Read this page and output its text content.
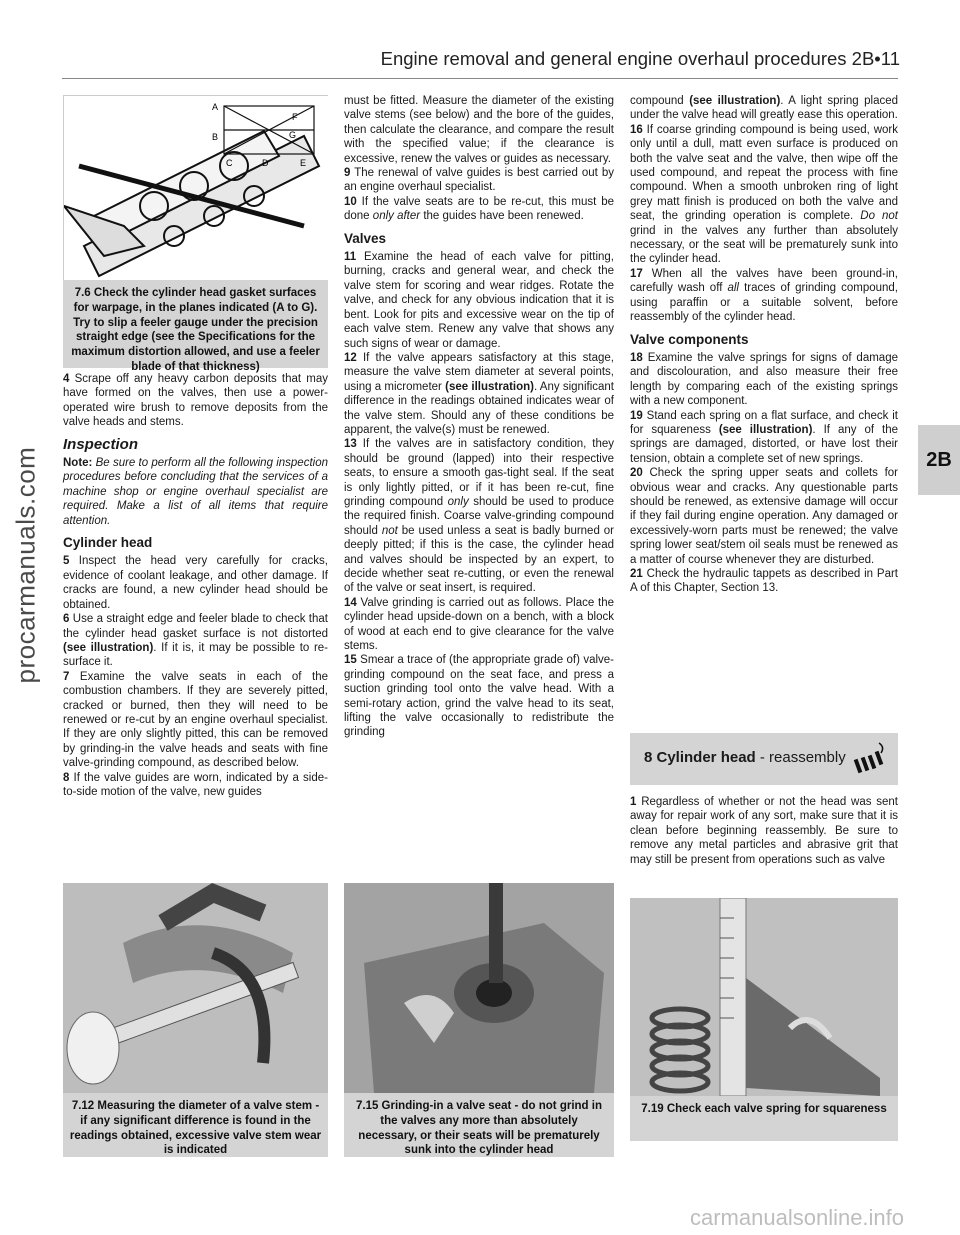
Engine removal and general engine overhaul procedures 2B•11
2B
procarmanuals.com
carmanualsonline.info
A
F
B	G
C	D	E
7.6 Check the cylinder head gasket surfaces for warpage, in the planes indicated (A to G). Try to slip a feeler gauge under the precision straight edge (see the Specifications for the maximum distortion allowed, and use a feeler blade of that thickness)

4 Scrape off any heavy carbon deposits that may have formed on the valves, then use a power-operated wire brush to remove deposits from the valve heads and stems.

Inspection

Note: Be sure to perform all the following inspection procedures before concluding that the services of a machine shop or engine overhaul specialist are required. Make a list of all items that require attention.

Cylinder head

5 Inspect the head very carefully for cracks, evidence of coolant leakage, and other damage. If cracks are found, a new cylinder head should be obtained.

6 Use a straight edge and feeler blade to check that the cylinder head gasket surface is not distorted (see illustration). If it is, it may be possible to re-surface it.

7 Examine the valve seats in each of the combustion chambers. If they are severely pitted, cracked or burned, then they will need to be renewed or re-cut by an engine overhaul specialist. If they are only slightly pitted, this can be removed by grinding-in the valve heads and seats with fine valve-grinding compound, as described below.

8 If the valve guides are worn, indicated by a side-to-side motion of the valve, new guides

must be fitted. Measure the diameter of the existing valve stems (see below) and the bore of the guides, then calculate the clearance, and compare the result with the specified value; if the clearance is excessive, renew the valves or guides as necessary.

9 The renewal of valve guides is best carried out by an engine overhaul specialist.

10 If the valve seats are to be re-cut, this must be done only after the guides have been renewed.

Valves

11 Examine the head of each valve for pitting, burning, cracks and general wear, and check the valve stem for scoring and wear ridges. Rotate the valve, and check for any obvious indication that it is bent. Look for pits and excessive wear on the tip of each valve stem. Renew any valve that shows any such signs of wear or damage.

12 If the valve appears satisfactory at this stage, measure the valve stem diameter at several points, using a micrometer (see illustration). Any significant difference in the readings obtained indicates wear of the valve stem. Should any of these conditions be apparent, the valve(s) must be renewed.

13 If the valves are in satisfactory condition, they should be ground (lapped) into their respective seats, to ensure a smooth gas-tight seal. If the seat is only lightly pitted, or if it has been re-cut, fine grinding compound only should be used to produce the required finish. Coarse valve-grinding compound should not be used unless a seat is badly burned or deeply pitted; if this is the case, the cylinder head and valves should be inspected by an expert, to decide whether seat re-cutting, or even the renewal of the valve or seat insert, is required.

14 Valve grinding is carried out as follows. Place the cylinder head upside-down on a bench, with a block of wood at each end to give clearance for the valve stems.

15 Smear a trace of (the appropriate grade of) valve-grinding compound on the seat face, and press a suction grinding tool onto the valve head. With a semi-rotary action, grind the valve head to its seat, lifting the valve occasionally to redistribute the grinding

compound (see illustration). A light spring placed under the valve head will greatly ease this operation.

16 If coarse grinding compound is being used, work only until a dull, matt even surface is produced on both the valve seat and the valve, then wipe off the used compound, and repeat the process with fine compound. When a smooth unbroken ring of light grey matt finish is produced on both the valve and seat, the grinding operation is complete. Do not grind in the valves any further than absolutely necessary, or the seat will be prematurely sunk into the cylinder head.

17 When all the valves have been ground-in, carefully wash off all traces of grinding compound, using paraffin or a suitable solvent, before reassembly of the cylinder head.

Valve components

18 Examine the valve springs for signs of damage and discolouration, and also measure their free length by comparing each of the existing springs with a new component.

19 Stand each spring on a flat surface, and check it for squareness (see illustration). If any of the springs are damaged, distorted, or have lost their tension, obtain a complete set of new springs.

20 Check the spring upper seats and collets for obvious wear and cracks. Any questionable parts should be renewed, as extensive damage will occur if they fail during engine operation. Any damaged or excessively-worn parts must be renewed; the valve spring lower seat/stem oil seals must be renewed as a matter of course whenever they are disturbed.

21 Check the hydraulic tappets as described in Part A of this Chapter, Section 13.

8 Cylinder head - reassembly

1 Regardless of whether or not the head was sent away for repair work of any sort, make sure that it is clean before beginning reassembly. Be sure to remove any metal particles and abrasive grit that may still be present from operations such as valve

7.12 Measuring the diameter of a valve stem - if any significant difference is found in the readings obtained, excessive valve stem wear is indicated
7.15 Grinding-in a valve seat - do not grind in the valves any more than absolutely necessary, or their seats will be prematurely sunk into the cylinder head
7.19 Check each valve spring for squareness
